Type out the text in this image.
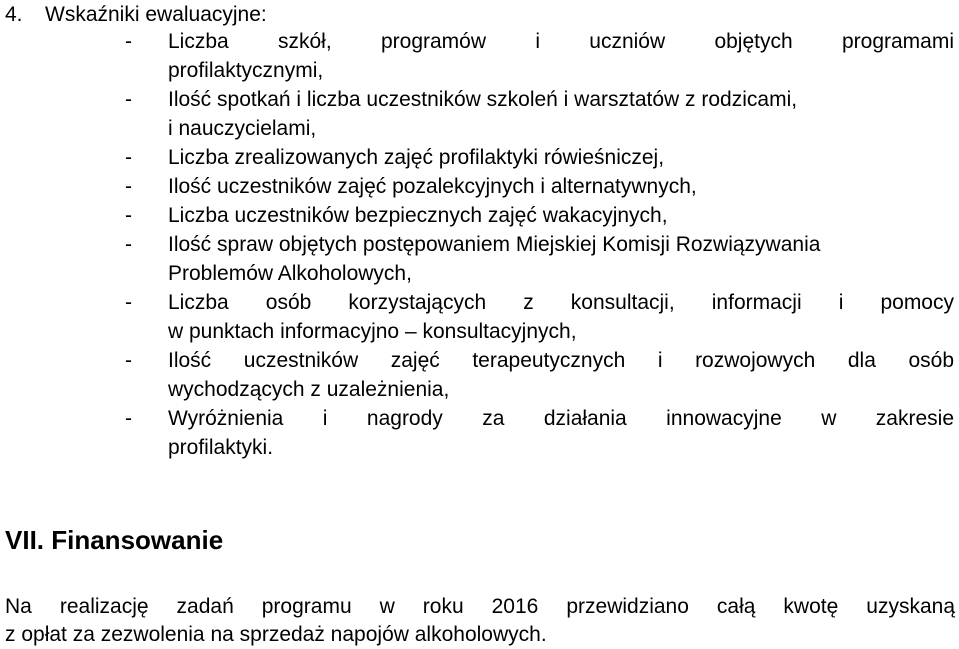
4. Wskaźniki ewaluacyjne:
-	Liczba szkół, programów i uczniów objętych programami
profilaktycznymi,
-	Ilość spotkań i liczba uczestników szkoleń i warsztatów z rodzicami,
i nauczycielami,
-	Liczba zrealizowanych zajęć profilaktyki rówieśniczej,
-	Ilość uczestników zajęć pozalekcyjnych i alternatywnych,
-	Liczba uczestników bezpiecznych zajęć wakacyjnych,
-	Ilość spraw objętych postępowaniem Miejskiej Komisji Rozwiązywania
Problemów Alkoholowych,
-	Liczba osób korzystających z konsultacji, informacji i pomocy
w punktach informacyjno – konsultacyjnych,
-	Ilość uczestników zajęć terapeutycznych i rozwojowych dla osób
wychodzących z uzależnienia,
-	Wyróżnienia i nagrody za działania innowacyjne w zakresie
profilaktyki.
VII. Finansowanie
Na realizację zadań programu w roku 2016 przewidziano całą kwotę uzyskaną
z opłat za zezwolenia na sprzedaż napojów alkoholowych.
